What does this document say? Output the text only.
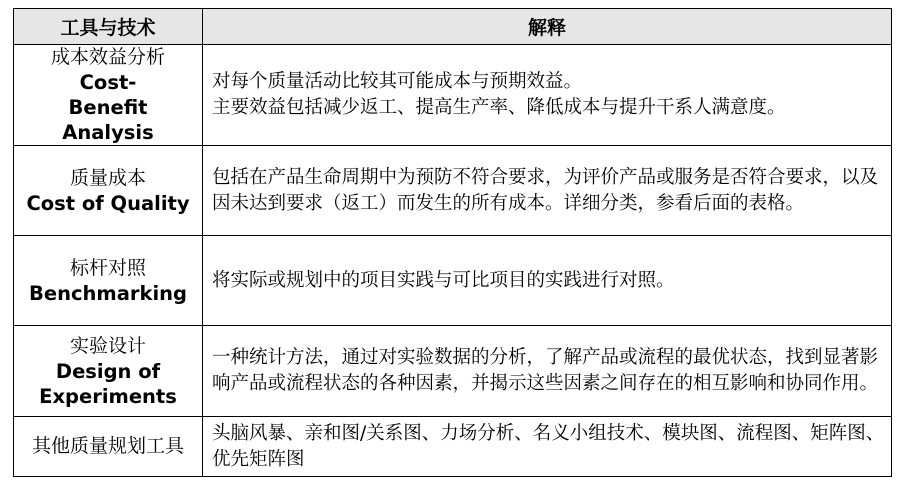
工具与技术	解释

成本效益分析
Cost-Benefit Analysis	对每个质量活动比较其可能成本与预期效益。
主要效益包括减少返工、提高生产率、降低成本与提升干系人满意度。

质量成本
Cost of Quality	包括在产品生命周期中为预防不符合要求，为评价产品或服务是否符合要求，以及因未达到要求（返工）而发生的所有成本。详细分类，参看后面的表格。

标杆对照
Benchmarking	将实际或规划中的项目实践与可比项目的实践进行对照。

实验设计
Design of Experiments	一种统计方法，通过对实验数据的分析，了解产品或流程的最优状态，找到显著影响产品或流程状态的各种因素，并揭示这些因素之间存在的相互影响和协同作用。

其他质量规划工具	头脑风暴、亲和图/关系图、力场分析、名义小组技术、模块图、流程图、矩阵图、优先矩阵图
